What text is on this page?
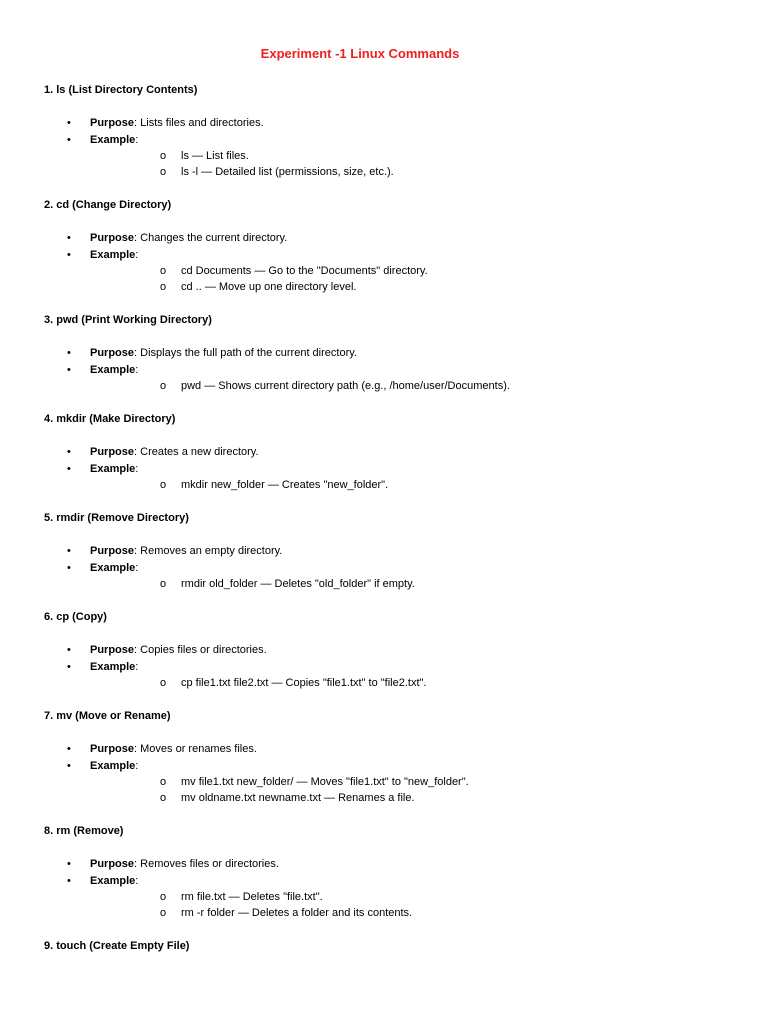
Experiment -1 Linux Commands
1. ls (List Directory Contents)
• Purpose: Lists files and directories.
• Example:
o ls — List files.
o ls -l — Detailed list (permissions, size, etc.).
2. cd (Change Directory)
• Purpose: Changes the current directory.
• Example:
o cd Documents — Go to the "Documents" directory.
o cd .. — Move up one directory level.
3. pwd (Print Working Directory)
• Purpose: Displays the full path of the current directory.
• Example:
o pwd — Shows current directory path (e.g., /home/user/Documents).
4. mkdir (Make Directory)
• Purpose: Creates a new directory.
• Example:
o mkdir new_folder — Creates "new_folder".
5. rmdir (Remove Directory)
• Purpose: Removes an empty directory.
• Example:
o rmdir old_folder — Deletes "old_folder" if empty.
6. cp (Copy)
• Purpose: Copies files or directories.
• Example:
o cp file1.txt file2.txt — Copies "file1.txt" to "file2.txt".
7. mv (Move or Rename)
• Purpose: Moves or renames files.
• Example:
o mv file1.txt new_folder/ — Moves "file1.txt" to "new_folder".
o mv oldname.txt newname.txt — Renames a file.
8. rm (Remove)
• Purpose: Removes files or directories.
• Example:
o rm file.txt — Deletes "file.txt".
o rm -r folder — Deletes a folder and its contents.
9. touch (Create Empty File)
